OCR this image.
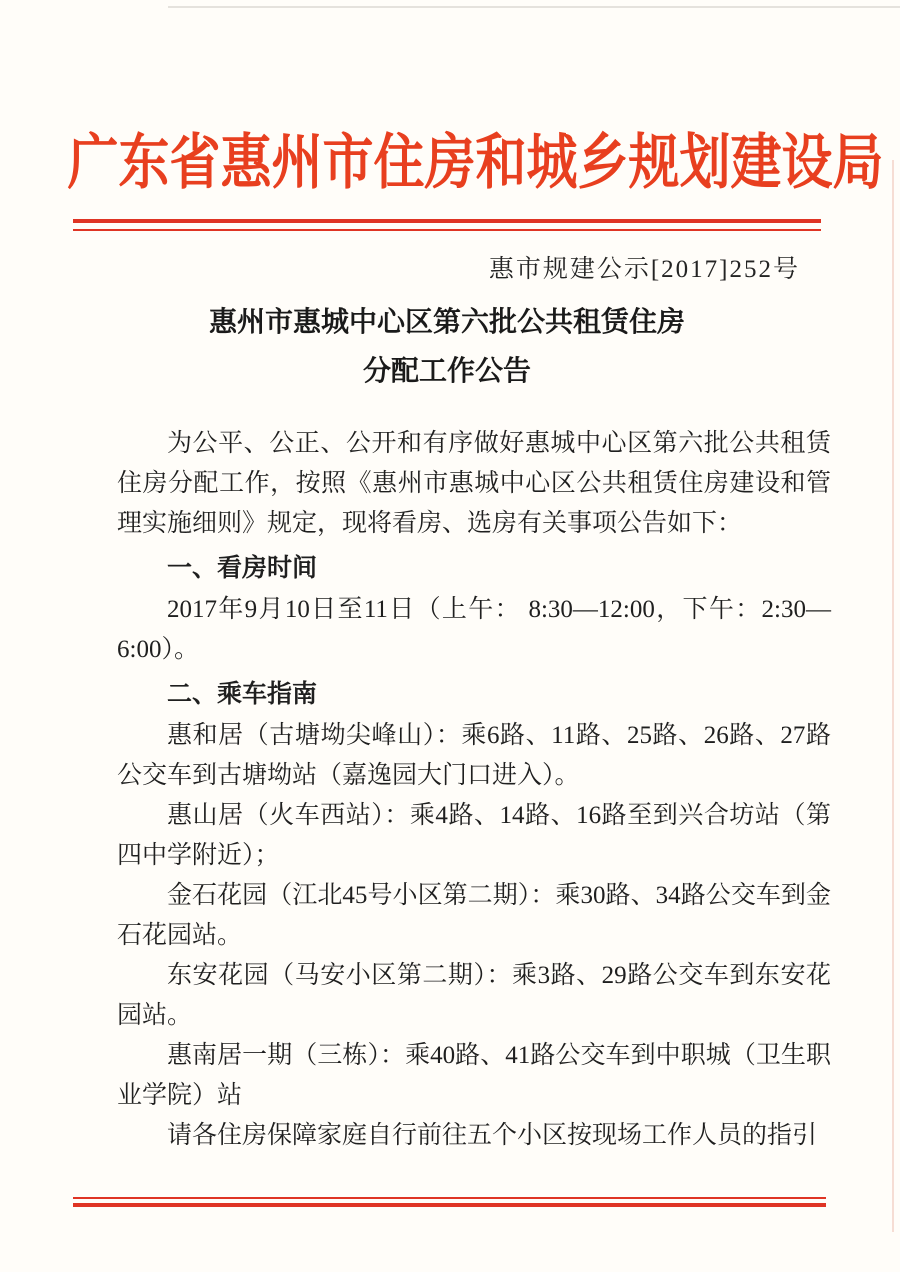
广东省惠州市住房和城乡规划建设局
惠市规建公示[2017]252号
惠州市惠城中心区第六批公共租赁住房
分配工作公告

为公平、公正、公开和有序做好惠城中心区第六批公共租赁住房分配工作，按照《惠州市惠城中心区公共租赁住房建设和管理实施细则》规定，现将看房、选房有关事项公告如下：

一、看房时间

2017年9月10日至11日（上午： 8:30—12:00，下午：2:30—6:00）。

二、乘车指南

惠和居（古塘坳尖峰山）：乘6路、11路、25路、26路、27路公交车到古塘坳站（嘉逸园大门口进入）。

惠山居（火车西站）：乘4路、14路、16路至到兴合坊站（第四中学附近）；

金石花园（江北45号小区第二期）：乘30路、34路公交车到金石花园站。

东安花园（马安小区第二期）：乘3路、29路公交车到东安花园站。

惠南居一期（三栋）：乘40路、41路公交车到中职城（卫生职业学院）站

请各住房保障家庭自行前往五个小区按现场工作人员的指引
